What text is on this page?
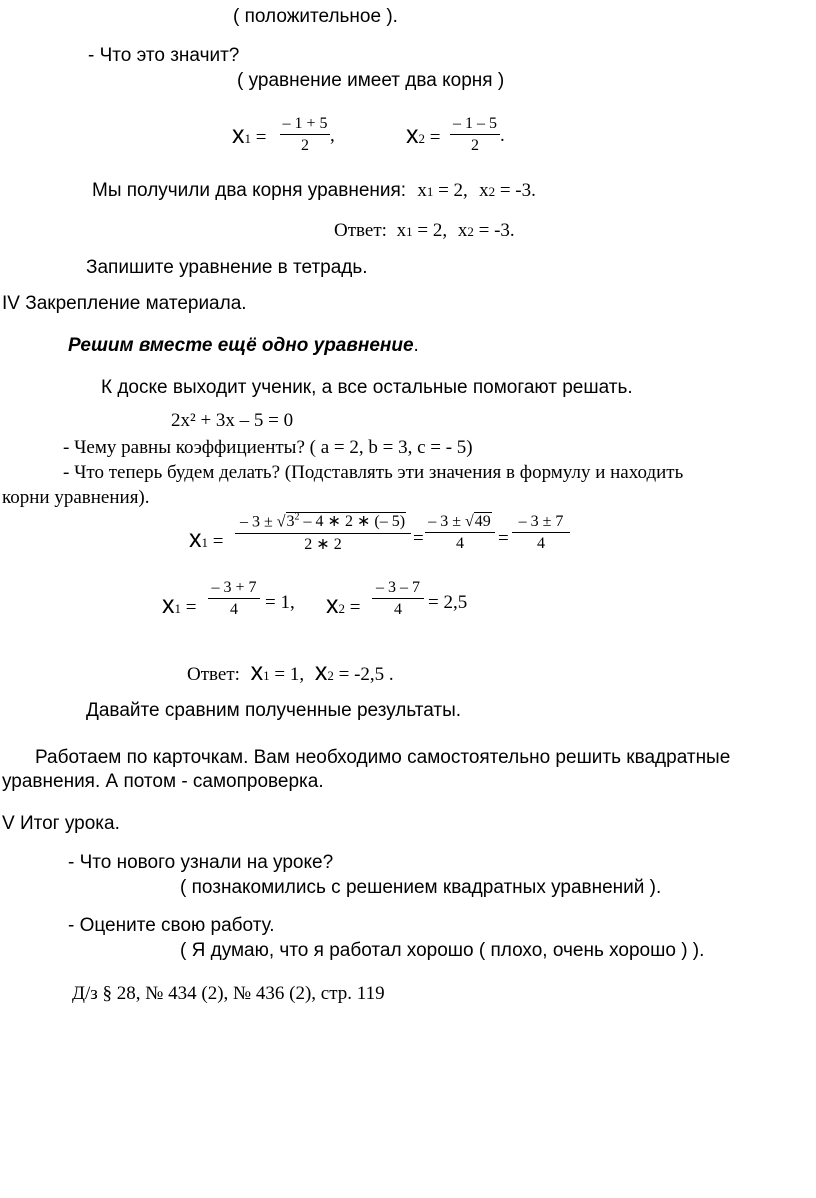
( положительное ).
- Что это значит?
( уравнение имеет два корня )
x1 =
– 1 + 5
2	,	x2 =
– 1 – 5
2	.
Мы получили два корня уравнения: x1 = 2, x2 = -3.
Ответ: x1 = 2, x2 = -3.
Запишите уравнение в тетрадь.
IV Закрепление материала.
Решим вместе ещё одно уравнение.
К доске выходит ученик, а все остальные помогают решать.
2x² + 3x – 5 = 0
- Чему равны коэффициенты? ( a = 2, b = 3, c = - 5)
- Что теперь будем делать? (Подставлять эти значения в формулу и находить
корни уравнения).
x1 =
– $3 \pm √3^2 - 4$ ∗ 2 ∗ (– 5)
2 ∗ 2	=
– 3 ± √49
4	=
– 3 ± 7
4
x1 =
– 3 + 7
4	= 1, x2 =
– 3 – 7
4	= 2,5
Ответ: x1 = 1, x2 = -2,5 .
Давайте сравним полученные результаты.
Работаем по карточкам. Вам необходимо самостоятельно решить квадратные
уравнения. А потом - самопроверка.
V Итог урока.
- Что нового узнали на уроке?
( познакомились с решением квадратных уравнений ).
- Оцените свою работу.
( Я думаю, что я работал хорошо ( плохо, очень хорошо ) ).
Д/з § 28, № 434 (2), № 436 (2), стр. 119
